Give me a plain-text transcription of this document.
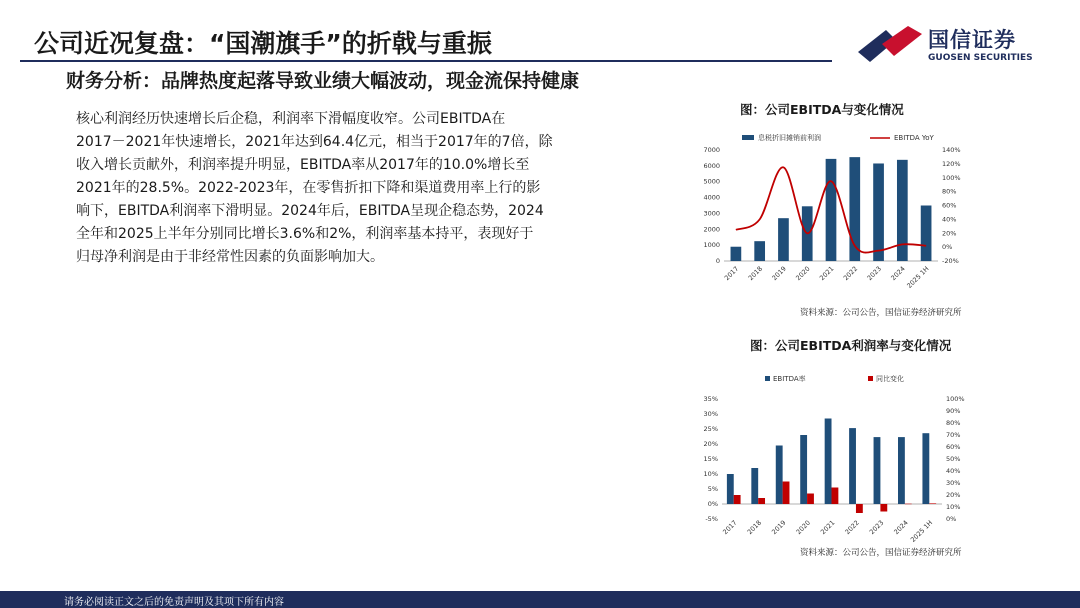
公司近况复盘：“国潮旗手”的折戟与重振
财务分析：品牌热度起落导致业绩大幅波动，现金流保持健康
国信证券
GUOSEN SECURITIES
核心利润经历快速增长后企稳，利润率下滑幅度收窄。公司EBITDA在
2017－2021年快速增长，2021年达到64.4亿元，相当于2017年的7倍，除
收入增长贡献外，利润率提升明显，EBITDA率从2017年的10.0%增长至
2021年的28.5%。2022-2023年，在零售折扣下降和渠道费用率上行的影
响下，EBITDA利润率下滑明显。2024年后，EBITDA呈现企稳态势，2024
全年和2025上半年分别同比增长3.6%和2%，利润率基本持平，表现好于
归母净利润是由于非经常性因素的负面影响加大。
图：公司EBITDA与变化情况
息税折旧摊销前利润	EBITDA YoY
0
1000
2000
3000
4000
5000
6000
7000
-20%
0%
20%
40%
60%
80%
100%
120%
140%
2017 2018 2019 2020 2021 2022 2023 2024
2025 1H
资料来源：公司公告，国信证券经济研究所
图：公司EBITDA利润率与变化情况
EBITDA率	同比变化
-5%
0%
5%
10%
15%
20%
25%
30%
35%
0%
10%
20%
30%
40%
50%
60%
70%
80%
90%
100%
2017 2018 2019 2020 2021 2022 2023 2024 2025 1H
资料来源：公司公告，国信证券经济研究所
请务必阅读正文之后的免责声明及其项下所有内容
